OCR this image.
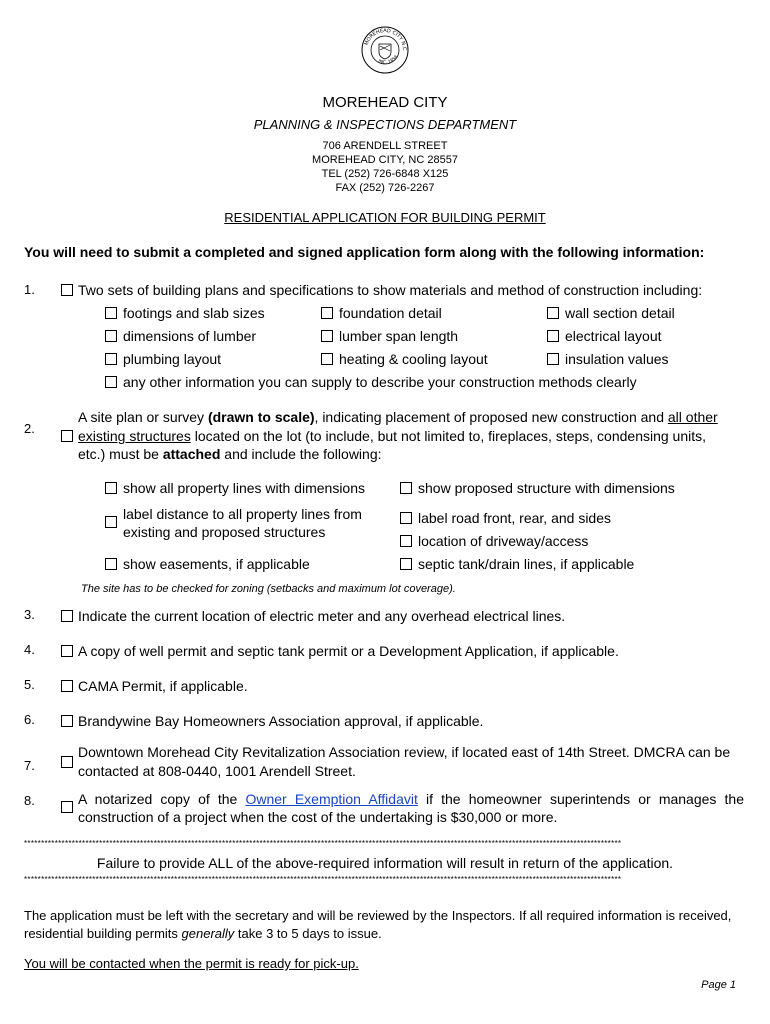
MOREHEAD CITY N.C
INC. 1858
MOREHEAD CITY
PLANNING & INSPECTIONS DEPARTMENT
706 ARENDELL STREET
MOREHEAD CITY, NC 28557
TEL (252) 726-6848 X125
FAX (252) 726-2267
RESIDENTIAL APPLICATION FOR BUILDING PERMIT
You will need to submit a completed and signed application form along with the following information:
1.	Two sets of building plans and specifications to show materials and method of construction including:
footings and slab sizes	foundation detail	wall section detail
dimensions of lumber	lumber span length	electrical layout
plumbing layout	heating & cooling layout	insulation values
any other information you can supply to describe your construction methods clearly
2.
A site plan or survey (drawn to scale), indicating placement of proposed new construction and all other
existing structures located on the lot (to include, but not limited to, fireplaces, steps, condensing units,
etc.) must be attached and include the following:
show all property lines with dimensions	show proposed structure with dimensions
label distance to all property lines from
existing and proposed structures
label road front, rear, and sides
location of driveway/access
show easements, if applicable	septic tank/drain lines, if applicable
The site has to be checked for zoning (setbacks and maximum lot coverage).
3.	Indicate the current location of electric meter and any overhead electrical lines.
4.	A copy of well permit and septic tank permit or a Development Application, if applicable.
5.	CAMA Permit, if applicable.
6.	Brandywine Bay Homeowners Association approval, if applicable.
7.
Downtown Morehead City Revitalization Association review, if located east of 14th Street. DMCRA can be
contacted at 808-0440, 1001 Arendell Street.
8.	A notarized copy of the Owner Exemption Affidavit if the homeowner superintends or manages the
construction of a project when the cost of the undertaking is $30,000 or more.
*******************************************************************************************************************************************************************************
Failure to provide ALL of the above-required information will result in return of the application.
*******************************************************************************************************************************************************************************
The application must be left with the secretary and will be reviewed by the Inspectors. If all required information is received,
residential building permits generally take 3 to 5 days to issue.
You will be contacted when the permit is ready for pick-up.
Page 1
